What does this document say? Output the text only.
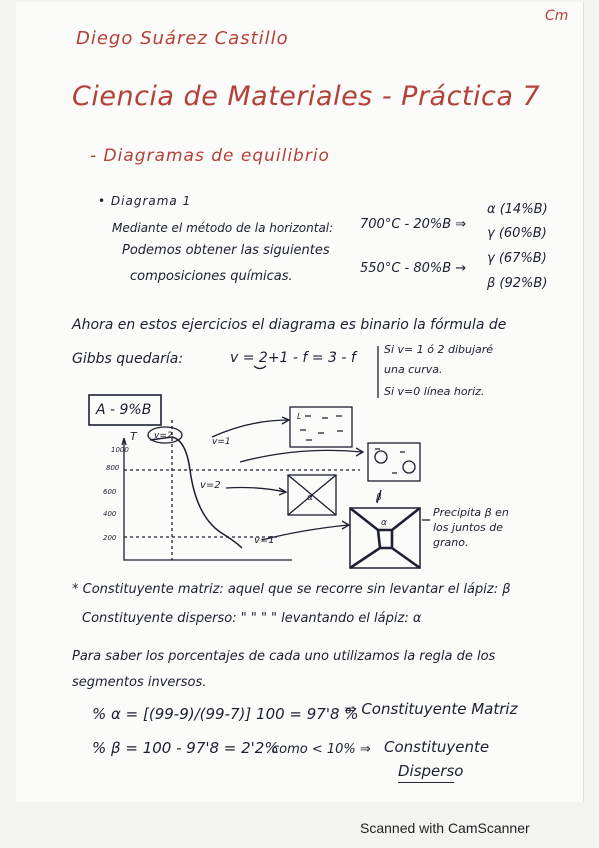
Diego Suárez Castillo
Cm
Ciencia de Materiales - Práctica 7
- Diagramas de equilibrio
• Diagrama 1
Mediante el método de la horizontal:
Podemos obtener las siguientes
composiciones químicas.
700°C - 20%B ⇒
α (14%B)
γ (60%B)
550°C - 80%B →
γ (67%B)
β (92%B)
Ahora en estos ejercicios el diagrama es binario la fórmula de
Gibbs quedaría:	v = 2+1 - f = 3 - f
Si v= 1 ó 2 dibujaré
una curva.
Si v=0 línea horiz.
1000
800
600
400
200
T v=2
v=1
v=2
v=1
L
α
α
β
A - 9%B
Precipita β en los juntos de grano.
* Constituyente matriz: aquel que se recorre sin levantar el lápiz: β
Constituyente disperso: " " " " levantando el lápiz: α
Para saber los porcentajes de cada uno utilizamos la regla de los
segmentos inversos.
% α = [(99-9)/(99-7)] 100 = 97'8 %
⇒ Constituyente Matriz
% β = 100 - 97'8 = 2'2%
como < 10% ⇒ Constituyente
Disperso
Scanned with CamScanner
